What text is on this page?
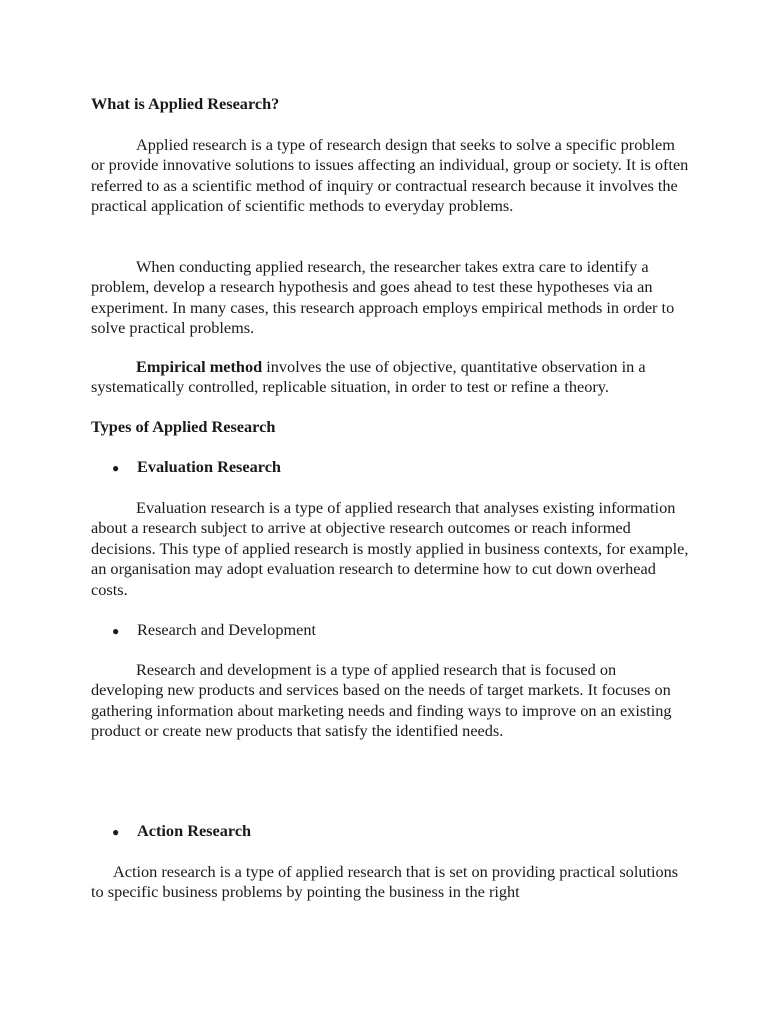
What is Applied Research?

Applied research is a type of research design that seeks to solve a specific problem or provide innovative solutions to issues affecting an individual, group or society. It is often referred to as a scientific method of inquiry or contractual research because it involves the practical application of scientific methods to everyday problems.

When conducting applied research, the researcher takes extra care to identify a problem, develop a research hypothesis and goes ahead to test these hypotheses via an experiment. In many cases, this research approach employs empirical methods in order to solve practical problems.

Empirical method involves the use of objective, quantitative observation in a systematically controlled, replicable situation, in order to test or refine a theory.

Types of Applied Research

●	Evaluation Research

Evaluation research is a type of applied research that analyses existing information about a research subject to arrive at objective research outcomes or reach informed decisions. This type of applied research is mostly applied in business contexts, for example, an organisation may adopt evaluation research to determine how to cut down overhead costs.

●	Research and Development

Research and development is a type of applied research that is focused on developing new products and services based on the needs of target markets. It focuses on gathering information about marketing needs and finding ways to improve on an existing product or create new products that satisfy the identified needs.

●	Action Research

Action research is a type of applied research that is set on providing practical solutions to specific business problems by pointing the business in the right
